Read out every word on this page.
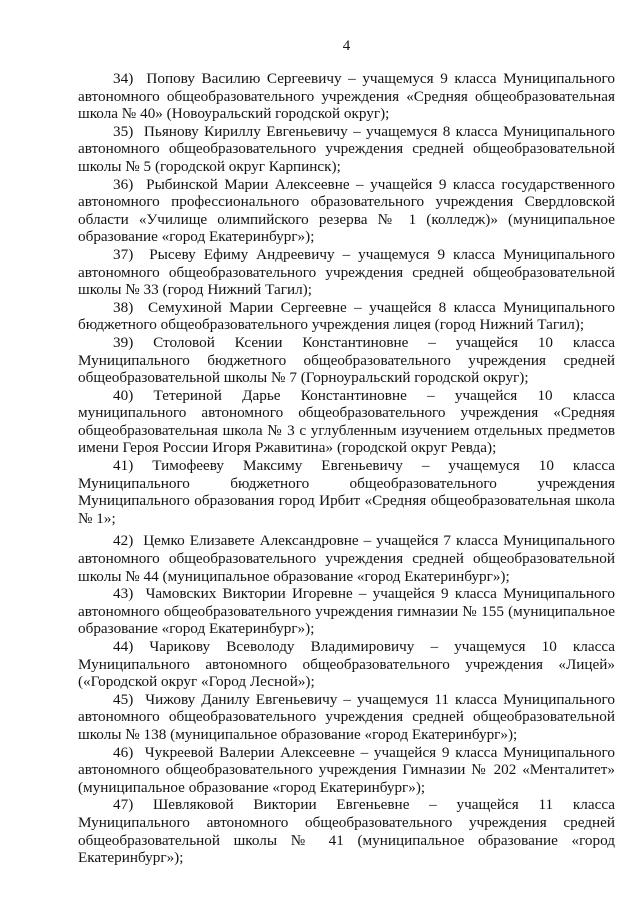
4

34)  Попову Василию Сергеевичу – учащемуся 9 класса Муниципального
автономного общеобразовательного учреждения «Средняя общеобразовательная
школа № 40» (Новоуральский городской округ);

35)  Пьянову Кириллу Евгеньевичу – учащемуся 8 класса Муниципального
автономного общеобразовательного учреждения средней общеобразовательной
школы № 5 (городской округ Карпинск);

36)  Рыбинской Марии Алексеевне – учащейся 9 класса государственного
автономного профессионального образовательного учреждения Свердловской
области «Училище олимпийского резерва № 1 (колледж)» (муниципальное
образование «город Екатеринбург»);

37)  Рысеву Ефиму Андреевичу – учащемуся 9 класса Муниципального
автономного общеобразовательного учреждения средней общеобразовательной
школы № 33 (город Нижний Тагил);

38)  Семухиной Марии Сергеевне – учащейся 8 класса Муниципального
бюджетного общеобразовательного учреждения лицея (город Нижний Тагил);

39) Столовой Ксении Константиновне – учащейся 10 класса
Муниципального бюджетного общеобразовательного учреждения средней
общеобразовательной школы № 7 (Горноуральский городской округ);

40) Тетериной Дарье Константиновне – учащейся 10 класса
муниципального автономного общеобразовательного учреждения «Средняя
общеобразовательная школа № 3 с углубленным изучением отдельных предметов
имени Героя России Игоря Ржавитина» (городской округ Ревда);

41) Тимофееву Максиму Евгеньевичу – учащемуся 10 класса
Муниципального бюджетного общеобразовательного учреждения
Муниципального образования город Ирбит «Средняя общеобразовательная школа
№ 1»;

42)  Цемко Елизавете Александровне – учащейся 7 класса Муниципального
автономного общеобразовательного учреждения средней общеобразовательной
школы № 44 (муниципальное образование «город Екатеринбург»);

43)  Чамовских Виктории Игоревне – учащейся 9 класса Муниципального
автономного общеобразовательного учреждения гимназии № 155 (муниципальное
образование «город Екатеринбург»);

44) Чарикову Всеволоду Владимировичу – учащемуся 10 класса
Муниципального автономного общеобразовательного учреждения «Лицей»
(«Городской округ «Город Лесной»);

45)  Чижову Данилу Евгеньевичу – учащемуся 11 класса Муниципального
автономного общеобразовательного учреждения средней общеобразовательной
школы № 138 (муниципальное образование «город Екатеринбург»);

46)  Чукреевой Валерии Алексеевне – учащейся 9 класса Муниципального
автономного общеобразовательного учреждения Гимназии № 202 «Менталитет»
(муниципальное образование «город Екатеринбург»);

47) Шевляковой Виктории Евгеньевне – учащейся 11 класса
Муниципального автономного общеобразовательного учреждения средней
общеобразовательной школы № 41 (муниципальное образование «город
Екатеринбург»);
